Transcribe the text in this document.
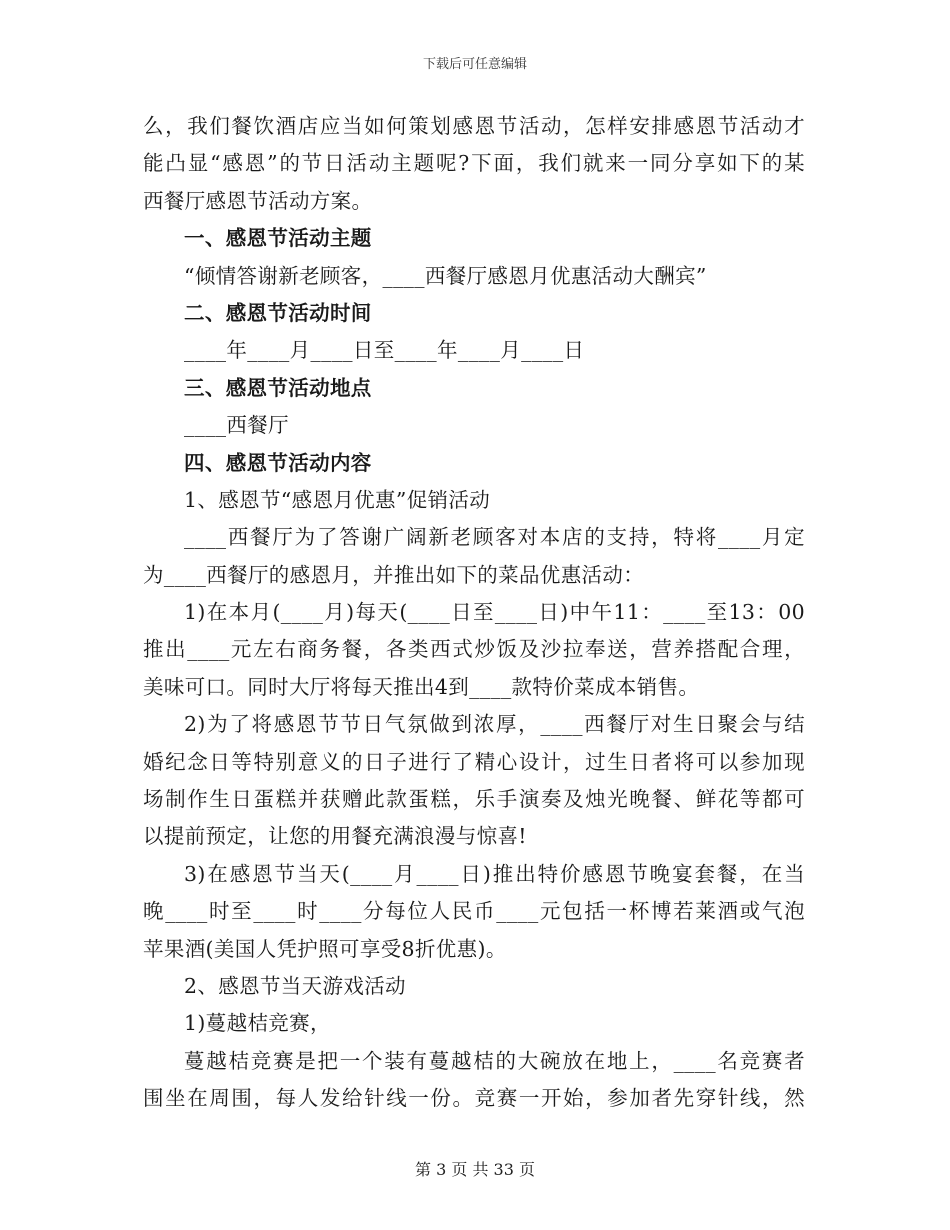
下载后可任意编辑
么，我们餐饮酒店应当如何策划感恩节活动，怎样安排感恩节活动才
能凸显“感恩”的节日活动主题呢?下面，我们就来一同分享如下的某
西餐厅感恩节活动方案。
一、感恩节活动主题
“倾情答谢新老顾客，____西餐厅感恩月优惠活动大酬宾”
二、感恩节活动时间
____年____月____日至____年____月____日
三、感恩节活动地点
____西餐厅
四、感恩节活动内容
1、感恩节“感恩月优惠”促销活动
____西餐厅为了答谢广阔新老顾客对本店的支持，特将____月定
为____西餐厅的感恩月，并推出如下的菜品优惠活动：
1)在本月(____月)每天(____日至____日)中午11：____至13：00
推出____元左右商务餐，各类西式炒饭及沙拉奉送，营养搭配合理，
美味可口。同时大厅将每天推出4到____款特价菜成本销售。
2)为了将感恩节节日气氛做到浓厚，____西餐厅对生日聚会与结
婚纪念日等特别意义的日子进行了精心设计，过生日者将可以参加现
场制作生日蛋糕并获赠此款蛋糕，乐手演奏及烛光晚餐、鲜花等都可
以提前预定，让您的用餐充满浪漫与惊喜!
3)在感恩节当天(____月____日)推出特价感恩节晚宴套餐，在当
晚____时至____时____分每位人民币____元包括一杯博若莱酒或气泡
苹果酒(美国人凭护照可享受8折优惠)。
2、感恩节当天游戏活动
1)蔓越桔竞赛，
蔓越桔竞赛是把一个装有蔓越桔的大碗放在地上，____名竞赛者
围坐在周围，每人发给针线一份。竞赛一开始，参加者先穿针线，然
第 3 页 共 33 页
